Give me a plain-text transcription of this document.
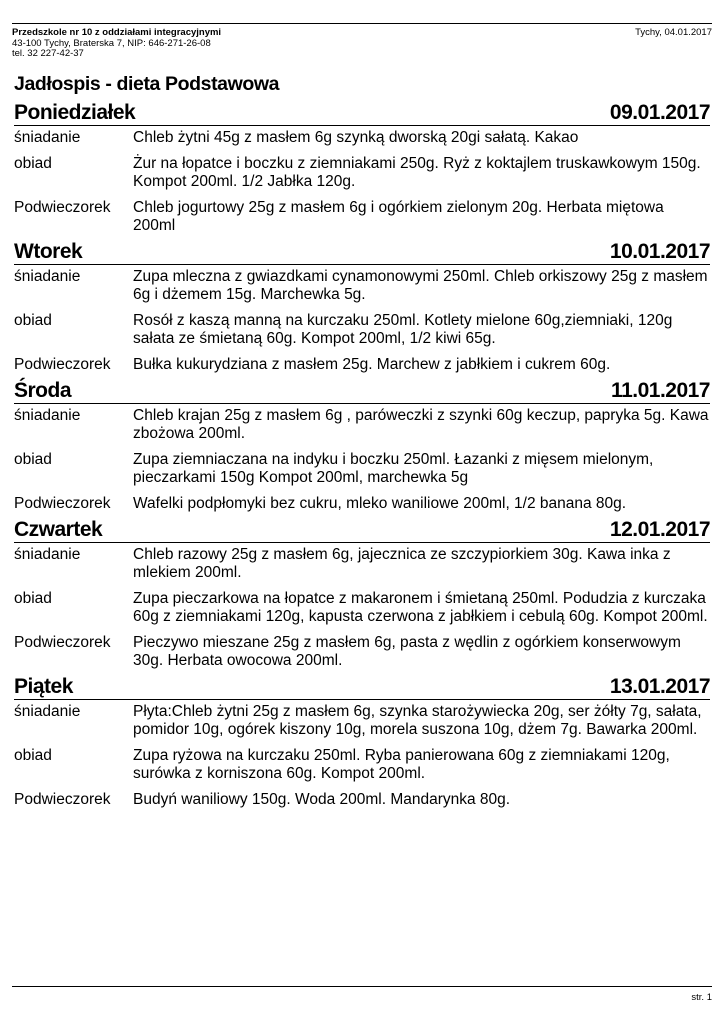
Przedszkole nr 10 z oddziałami integracyjnymi
43-100 Tychy, Braterska 7, NIP: 646-271-26-08
tel. 32 227-42-37
Tychy, 04.01.2017
Jadłospis - dieta Podstawowa
Poniedziałek	09.01.2017
śniadanie	Chleb żytni 45g z masłem 6g szynką dworską 20gi sałatą. Kakao
obiad	Żur na łopatce i boczku z ziemniakami 250g. Ryż z koktajlem truskawkowym 150g. Kompot 200ml. 1/2 Jabłka 120g.
Podwieczorek	Chleb jogurtowy 25g z masłem 6g i ogórkiem zielonym 20g. Herbata miętowa 200ml
Wtorek	10.01.2017
śniadanie	Zupa mleczna z gwiazdkami cynamonowymi 250ml. Chleb orkiszowy 25g z masłem 6g i dżemem 15g. Marchewka 5g.
obiad	Rosół z kaszą manną na kurczaku 250ml. Kotlety mielone 60g,ziemniaki, 120g sałata ze śmietaną 60g. Kompot 200ml, 1/2 kiwi 65g.
Podwieczorek	Bułka kukurydziana z masłem 25g. Marchew z jabłkiem i cukrem 60g.
Środa	11.01.2017
śniadanie	Chleb krajan 25g z masłem 6g , paróweczki z szynki 60g keczup, papryka 5g. Kawa zbożowa 200ml.
obiad	Zupa ziemniaczana na indyku i boczku 250ml. Łazanki z mięsem mielonym, pieczarkami 150g Kompot 200ml, marchewka 5g
Podwieczorek	Wafelki podpłomyki bez cukru, mleko waniliowe 200ml, 1/2 banana 80g.
Czwartek	12.01.2017
śniadanie	Chleb razowy 25g z masłem 6g, jajecznica ze szczypiorkiem 30g. Kawa inka z mlekiem 200ml.
obiad	Zupa pieczarkowa na łopatce z makaronem i śmietaną 250ml. Podudzia z kurczaka 60g z ziemniakami 120g, kapusta czerwona z jabłkiem i cebulą 60g. Kompot 200ml.
Podwieczorek	Pieczywo mieszane 25g z masłem 6g, pasta z wędlin z ogórkiem konserwowym 30g. Herbata owocowa 200ml.
Piątek	13.01.2017
śniadanie	Płyta:Chleb żytni 25g z masłem 6g, szynka starożywiecka 20g, ser żółty 7g, sałata, pomidor 10g, ogórek kiszony 10g, morela suszona 10g, dżem 7g. Bawarka 200ml.
obiad	Zupa ryżowa na kurczaku 250ml. Ryba panierowana 60g z ziemniakami 120g, surówka z korniszona 60g. Kompot 200ml.
Podwieczorek	Budyń waniliowy 150g. Woda 200ml. Mandarynka 80g.
str. 1
